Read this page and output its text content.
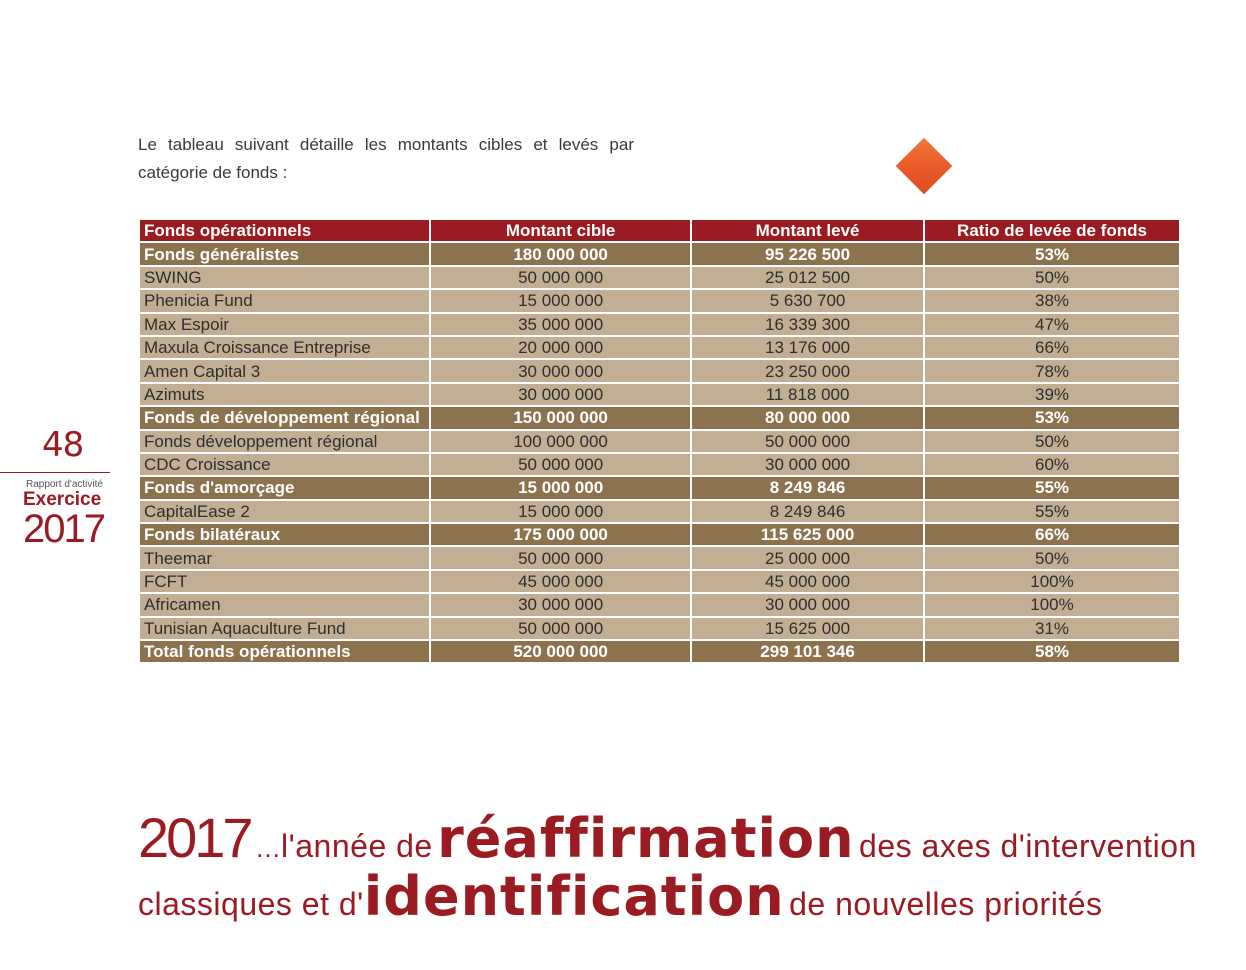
Le tableau suivant détaille les montants cibles et levés par catégorie de fonds :
48
Rapport d'activité
Exercice
2017
Fonds opérationnels	Montant cible	Montant levé	Ratio de levée de fonds
Fonds généralistes	180 000 000	95 226 500	53%
SWING	50 000 000	25 012 500	50%
Phenicia Fund	15 000 000	5 630 700	38%
Max Espoir	35 000 000	16 339 300	47%
Maxula Croissance Entreprise	20 000 000	13 176 000	66%
Amen Capital 3	30 000 000	23 250 000	78%
Azimuts	30 000 000	11 818 000	39%
Fonds de développement régional	150 000 000	80 000 000	53%
Fonds développement régional	100 000 000	50 000 000	50%
CDC Croissance	50 000 000	30 000 000	60%
Fonds d'amorçage	15 000 000	8 249 846	55%
CapitalEase 2	15 000 000	8 249 846	55%
Fonds bilatéraux	175 000 000	115 625 000	66%
Theemar	50 000 000	25 000 000	50%
FCFT	45 000 000	45 000 000	100%
Africamen	30 000 000	30 000 000	100%
Tunisian Aquaculture Fund	50 000 000	15 625 000	31%
Total fonds opérationnels	520 000 000	299 101 346	58%
2017 …l'année de réaffirmation des axes d'intervention
classiques et d'identification de nouvelles priorités
